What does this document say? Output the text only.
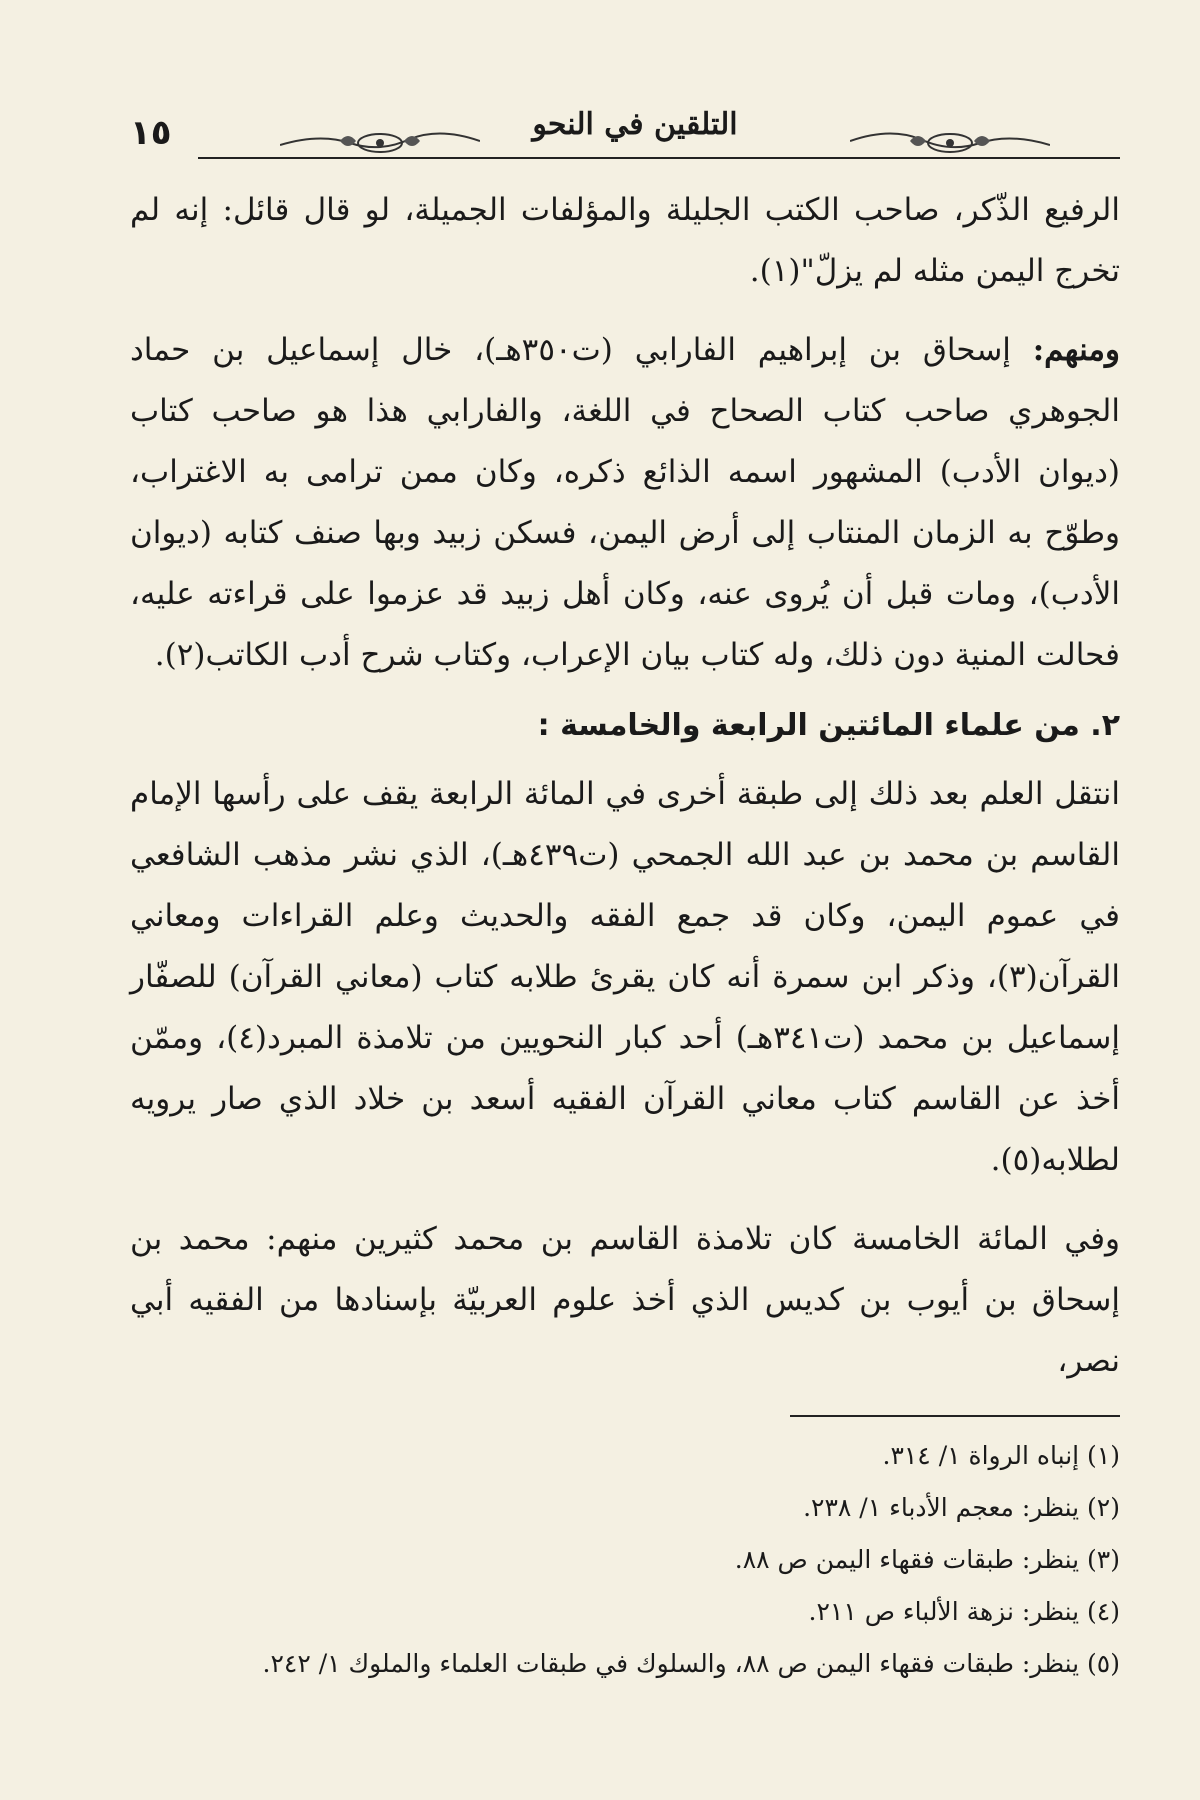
١٥	التلقين في النحو

الرفيع الذّكر، صاحب الكتب الجليلة والمؤلفات الجميلة، لو قال قائل: إنه لم تخرج اليمن مثله لم يزلّ"(١).

ومنهم: إسحاق بن إبراهيم الفارابي (ت٣٥٠هـ)، خال إسماعيل بن حماد الجوهري صاحب كتاب الصحاح في اللغة، والفارابي هذا هو صاحب كتاب (ديوان الأدب) المشهور اسمه الذائع ذكره، وكان ممن ترامى به الاغتراب، وطوّح به الزمان المنتاب إلى أرض اليمن، فسكن زبيد وبها صنف كتابه (ديوان الأدب)، ومات قبل أن يُروى عنه، وكان أهل زبيد قد عزموا على قراءته عليه، فحالت المنية دون ذلك، وله كتاب بيان الإعراب، وكتاب شرح أدب الكاتب(٢).

٢. من علماء المائتين الرابعة والخامسة :

انتقل العلم بعد ذلك إلى طبقة أخرى في المائة الرابعة يقف على رأسها الإمام القاسم بن محمد بن عبد الله الجمحي (ت٤٣٩هـ)، الذي نشر مذهب الشافعي في عموم اليمن، وكان قد جمع الفقه والحديث وعلم القراءات ومعاني القرآن(٣)، وذكر ابن سمرة أنه كان يقرئ طلابه كتاب (معاني القرآن) للصفّار إسماعيل بن محمد (ت٣٤١هـ) أحد كبار النحويين من تلامذة المبرد(٤)، وممّن أخذ عن القاسم كتاب معاني القرآن الفقيه أسعد بن خلاد الذي صار يرويه لطلابه(٥).

وفي المائة الخامسة كان تلامذة القاسم بن محمد كثيرين منهم: محمد بن إسحاق بن أيوب بن كديس الذي أخذ علوم العربيّة بإسنادها من الفقيه أبي نصر،

(١) إنباه الرواة ١/ ٣١٤.
(٢) ينظر: معجم الأدباء ١/ ٢٣٨.
(٣) ينظر: طبقات فقهاء اليمن ص ٨٨.
(٤) ينظر: نزهة الألباء ص ٢١١.
(٥) ينظر: طبقات فقهاء اليمن ص ٨٨، والسلوك في طبقات العلماء والملوك ١/ ٢٤٢.
